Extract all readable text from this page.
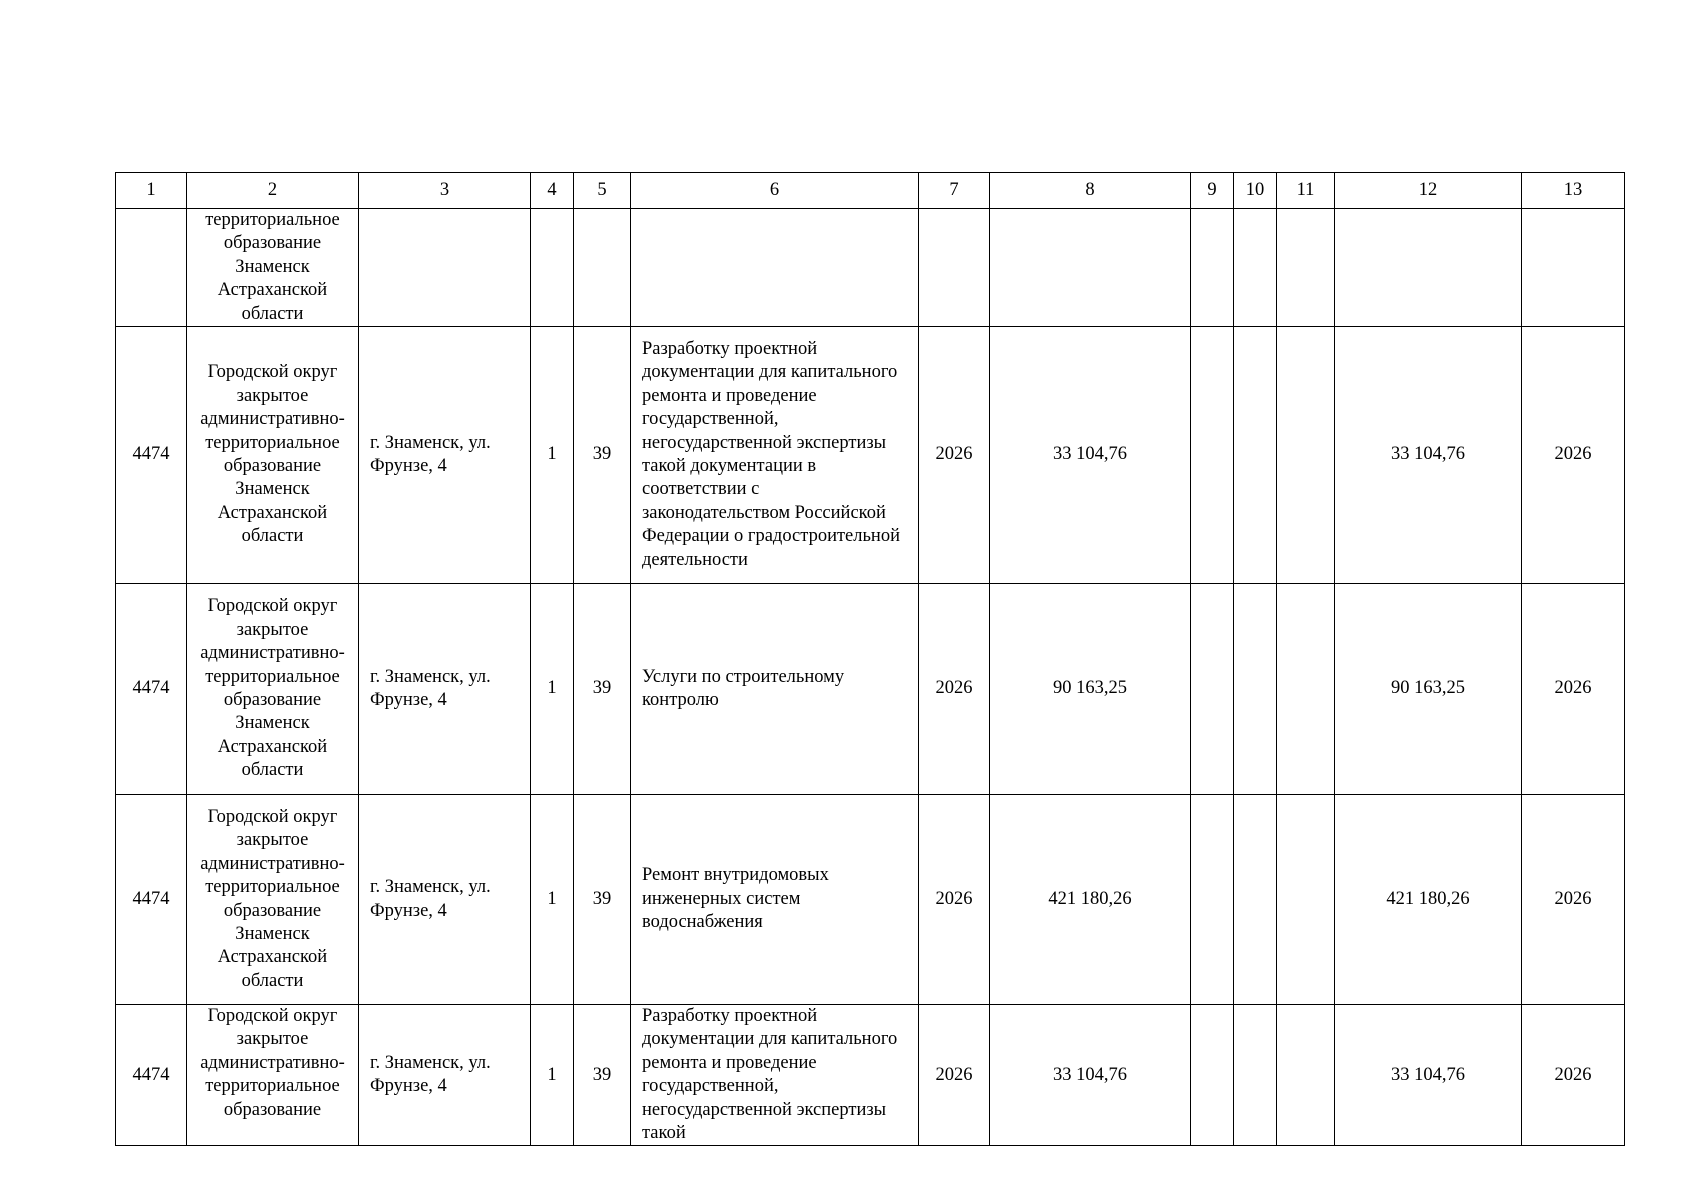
1	2	3	4	5	6	7	8	9	10	11	12	13
	территориальное образование Знаменск Астраханской области											
4474	Городской округ закрытое административно-территориальное образование Знаменск Астраханской области	г. Знаменск, ул. Фрунзе, 4	1	39	Разработку проектной документации для капитального ремонта и проведение государственной, негосударственной экспертизы такой документации в соответствии с законодательством Российской Федерации о градостроительной деятельности	2026	33 104,76				33 104,76	2026
4474	Городской округ закрытое административно-территориальное образование Знаменск Астраханской области	г. Знаменск, ул. Фрунзе, 4	1	39	Услуги по строительному контролю	2026	90 163,25				90 163,25	2026
4474	Городской округ закрытое административно-территориальное образование Знаменск Астраханской области	г. Знаменск, ул. Фрунзе, 4	1	39	Ремонт внутридомовых инженерных систем водоснабжения	2026	421 180,26				421 180,26	2026
4474	Городской округ закрытое административно-территориальное образование	г. Знаменск, ул. Фрунзе, 4	1	39	Разработку проектной документации для капитального ремонта и проведение государственной, негосударственной экспертизы такой	2026	33 104,76				33 104,76	2026
